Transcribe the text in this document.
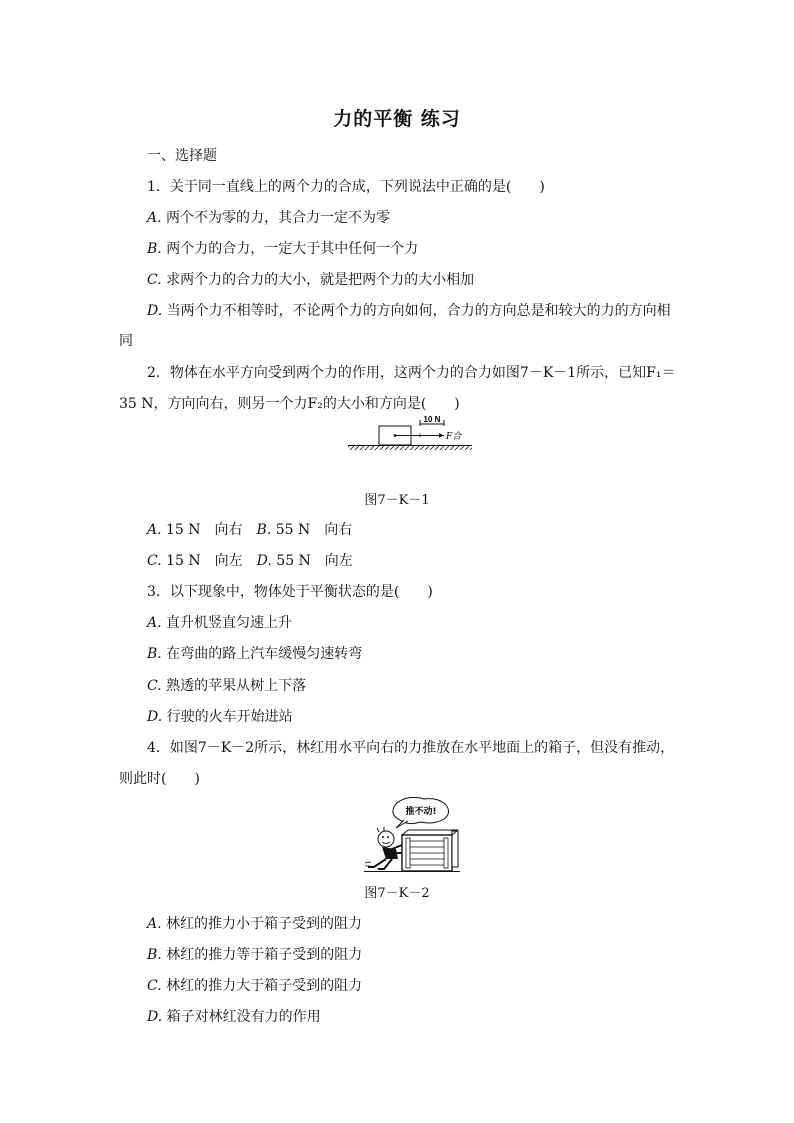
力的平衡 练习
一、选择题
1．关于同一直线上的两个力的合成，下列说法中正确的是(　　)
A. 两个不为零的力，其合力一定不为零
B. 两个力的合力，一定大于其中任何一个力
C. 求两个力的合力的大小，就是把两个力的大小相加
D. 当两个力不相等时，不论两个力的方向如何，合力的方向总是和较大的力的方向相
同
2．物体在水平方向受到两个力的作用，这两个力的合力如图7－K－1所示，已知F₁＝
35 N，方向向右，则另一个力F₂的大小和方向是(　　)
10 N
F合
图7－K－1
A. 15 N　向右　 B. 55 N　向右
C. 15 N　向左　 D. 55 N　向左
3．以下现象中，物体处于平衡状态的是(　　)
A. 直升机竖直匀速上升
B. 在弯曲的路上汽车缓慢匀速转弯
C. 熟透的苹果从树上下落
D. 行驶的火车开始进站
4．如图7－K－2所示，林红用水平向右的力推放在水平地面上的箱子，但没有推动，
则此时(　　)
推不动!
图7－K－2
A. 林红的推力小于箱子受到的阻力
B. 林红的推力等于箱子受到的阻力
C. 林红的推力大于箱子受到的阻力
D. 箱子对林红没有力的作用
